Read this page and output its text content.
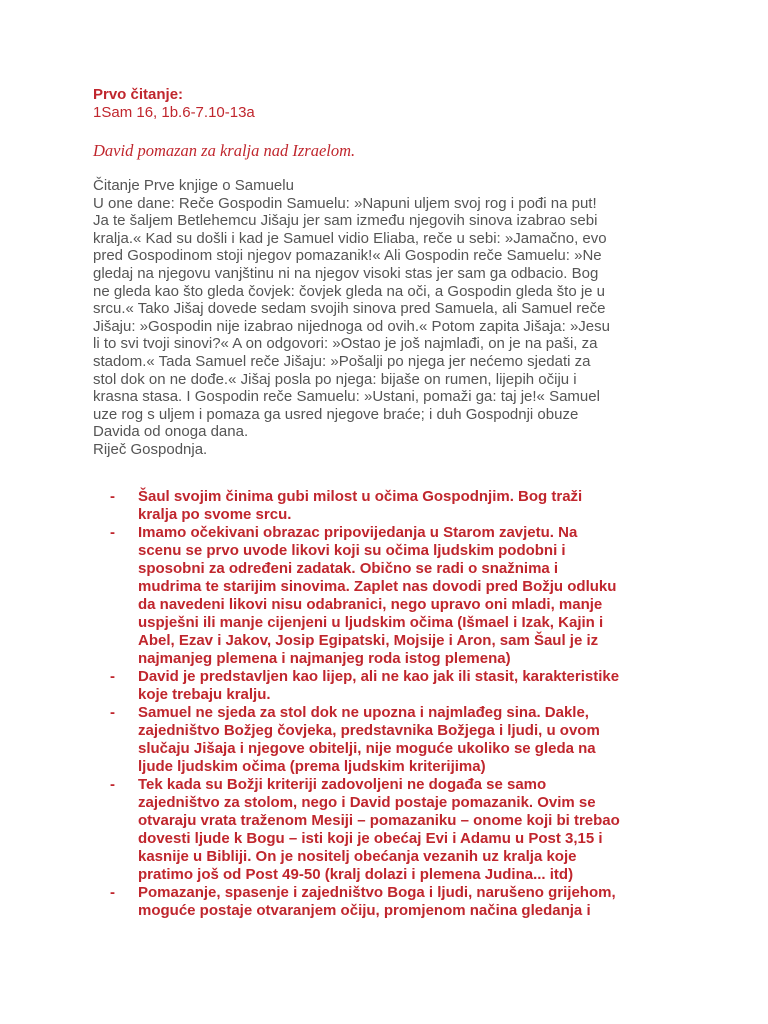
Prvo čitanje:
1Sam 16, 1b.6-7.10-13a
David pomazan za kralja nad Izraelom.
Čitanje Prve knjige o Samuelu
U one dane: Reče Gospodin Samuelu: »Napuni uljem svoj rog i pođi na put!
Ja te šaljem Betlehemcu Jišaju jer sam između njegovih sinova izabrao sebi
kralja.« Kad su došli i kad je Samuel vidio Eliaba, reče u sebi: »Jamačno, evo
pred Gospodinom stoji njegov pomazanik!« Ali Gospodin reče Samuelu: »Ne
gledaj na njegovu vanjštinu ni na njegov visoki stas jer sam ga odbacio. Bog
ne gleda kao što gleda čovjek: čovjek gleda na oči, a Gospodin gleda što je u
srcu.« Tako Jišaj dovede sedam svojih sinova pred Samuela, ali Samuel reče
Jišaju: »Gospodin nije izabrao nijednoga od ovih.« Potom zapita Jišaja: »Jesu
li to svi tvoji sinovi?« A on odgovori: »Ostao je još najmlađi, on je na paši, za
stadom.« Tada Samuel reče Jišaju: »Pošalji po njega jer nećemo sjedati za
stol dok on ne dođe.« Jišaj posla po njega: bijaše on rumen, lijepih očiju i
krasna stasa. I Gospodin reče Samuelu: »Ustani, pomaži ga: taj je!« Samuel
uze rog s uljem i pomaza ga usred njegove braće; i duh Gospodnji obuze
Davida od onoga dana.
Riječ Gospodnja.
- Šaul svojim činima gubi milost u očima Gospodnjim. Bog traži
kralja po svome srcu.
- Imamo očekivani obrazac pripovijedanja u Starom zavjetu. Na
scenu se prvo uvode likovi koji su očima ljudskim podobni i
sposobni za određeni zadatak. Obično se radi o snažnima i
mudrima te starijim sinovima. Zaplet nas dovodi pred Božju odluku
da navedeni likovi nisu odabranici, nego upravo oni mladi, manje
uspješni ili manje cijenjeni u ljudskim očima (Išmael i Izak, Kajin i
Abel, Ezav i Jakov, Josip Egipatski, Mojsije i Aron, sam Šaul je iz
najmanjeg plemena i najmanjeg roda istog plemena)
- David je predstavljen kao lijep, ali ne kao jak ili stasit, karakteristike
koje trebaju kralju.
- Samuel ne sjeda za stol dok ne upozna i najmlađeg sina. Dakle,
zajedništvo Božjeg čovjeka, predstavnika Božjega i ljudi, u ovom
slučaju Jišaja i njegove obitelji, nije moguće ukoliko se gleda na
ljude ljudskim očima (prema ljudskim kriterijima)
- Tek kada su Božji kriteriji zadovoljeni ne događa se samo
zajedništvo za stolom, nego i David postaje pomazanik. Ovim se
otvaraju vrata traženom Mesiji – pomazaniku – onome koji bi trebao
dovesti ljude k Bogu – isti koji je obećaj Evi i Adamu u Post 3,15 i
kasnije u Bibliji. On je nositelj obećanja vezanih uz kralja koje
pratimo još od Post 49-50 (kralj dolazi i plemena Judina... itd)
- Pomazanje, spasenje i zajedništvo Boga i ljudi, narušeno grijehom,
moguće postaje otvaranjem očiju, promjenom načina gledanja i
